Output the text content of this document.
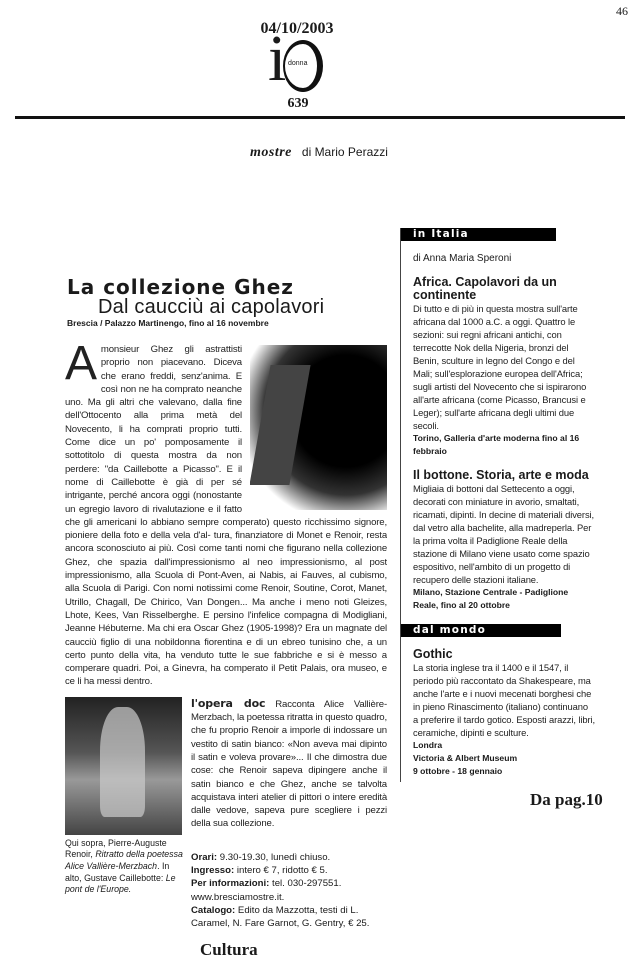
46
04/10/2003
i donna
639
mostre di Mario Perazzi
La collezione Ghez
Dal caucciù ai capolavori
Brescia / Palazzo Martinengo, fino al 16 novembre
A monsieur Ghez gli astrattisti proprio non piacevano. Diceva che erano freddi, senz'anima. E così non ne ha comprato neanche uno. Ma gli altri che valevano, dalla fine dell'Ottocento alla prima metà del Novecento, li ha comprati proprio tutti. Come dice un po' pomposamente il sottotitolo di questa mostra da non perdere: "da Caillebotte a Picasso". E il nome di Caillebotte è già di per sé intrigante, perché ancora oggi (nonostante un egregio lavoro di rivalutazione e il fatto che gli americani lo abbiano sempre comperato) questo ricchissimo signore, pioniere della foto e della vela d'al- tura, finanziatore di Monet e Renoir, resta ancora sconosciuto ai più. Così come tanti nomi che figurano nella collezione Ghez, che spazia dall'impressionismo al neo impressionismo, al post impressionismo, alla Scuola di Pont-Aven, ai Nabis, ai Fauves, al cubismo, alla Scuola di Parigi. Con nomi notissimi come Renoir, Soutine, Corot, Manet, Utrillo, Chagall, De Chirico, Van Dongen... Ma anche i meno noti Gleizes, Lhote, Kees, Van Risselberghe. E persino l'infelice compagna di Modigliani, Jeanne Hébuterne. Ma chi era Oscar Ghez (1905-1998)? Era un magnate del caucciù figlio di una nobildonna fiorentina e di un ebreo tunisino che, a un certo punto della vita, ha venduto tutte le sue fabbriche e si è messo a comperare quadri. Poi, a Ginevra, ha comperato il Petit Palais, ora museo, e ce li ha messi dentro.
Qui sopra, Pierre-Auguste Renoir, Ritratto della poetessa Alice Vallière-Merzbach. In alto, Gustave Caillebotte: Le pont de l'Europe.
l'opera doc Racconta Alice Vallière-Merzbach, la poetessa ritratta in questo quadro, che fu proprio Renoir a imporle di indossare un vestito di satin bianco: «Non aveva mai dipinto il satin e voleva provare»... Il che dimostra due cose: che Renoir sapeva dipingere anche il satin bianco e che Ghez, anche se talvolta acquistava interi atelier di pittori o intere eredità dalle vedove, sapeva pure scegliere i pezzi della sua collezione.
Orari: 9.30-19.30, lunedì chiuso.
Ingresso: intero € 7, ridotto € 5.
Per informazioni: tel. 030-297551. www.bresciamostre.it.
Catalogo: Edito da Mazzotta, testi di L. Caramel, N. Fare Garnot, G. Gentry, € 25.
Cultura
in Italia
di Anna Maria Speroni
Africa. Capolavori da un continente

Di tutto e di più in questa mostra sull'arte africana dal 1000 a.C. a oggi. Quattro le sezioni: sui regni africani antichi, con terrecotte Nok della Nigeria, bronzi del Benin, sculture in legno del Congo e del Mali; sull'esplorazione europea dell'Africa; sugli artisti del Novecento che si ispirarono all'arte africana (come Picasso, Brancusi e Leger); sull'arte africana degli ultimi due secoli.

Torino, Galleria d'arte moderna fino al 16 febbraio
Il bottone. Storia, arte e moda

Migliaia di bottoni dal Settecento a oggi, decorati con miniature in avorio, smaltati, ricamati, dipinti. In decine di materiali diversi, dal vetro alla bachelite, alla madreperla. Per la prima volta il Padiglione Reale della stazione di Milano viene usato come spazio espositivo, nell'ambito di un progetto di recupero delle stazioni italiane.

Milano, Stazione Centrale - Padiglione Reale, fino al 20 ottobre
dal mondo
Gothic

La storia inglese tra il 1400 e il 1547, il periodo più raccontato da Shakespeare, ma anche l'arte e i nuovi mecenati borghesi che in pieno Rinascimento (italiano) continuano a preferire il tardo gotico. Esposti arazzi, libri, ceramiche, dipinti e sculture.

Londra
Victoria & Albert Museum
9 ottobre - 18 gennaio
Da pag.10
